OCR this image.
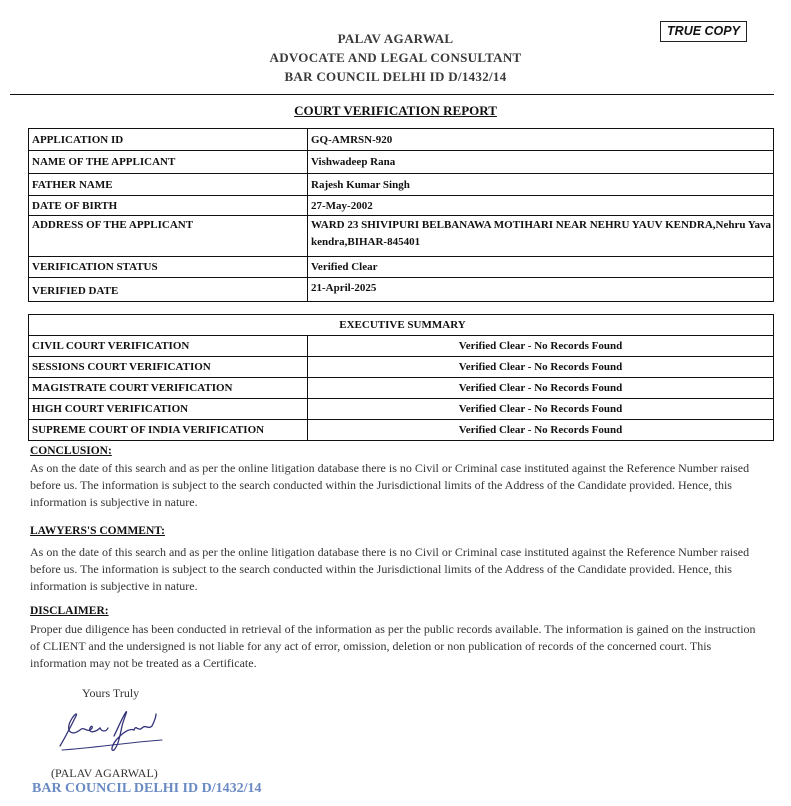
PALAV AGARWAL
ADVOCATE AND LEGAL CONSULTANT
BAR COUNCIL DELHI ID D/1432/14
TRUE COPY
COURT VERIFICATION REPORT
APPLICATION ID	GQ-AMRSN-920
NAME OF THE APPLICANT	Vishwadeep Rana
FATHER NAME	Rajesh Kumar Singh
DATE OF BIRTH	27-May-2002
ADDRESS OF THE APPLICANT	WARD 23 SHIVIPURI BELBANAWA MOTIHARI NEAR NEHRU YAUV KENDRA,Nehru Yava kendra,BIHAR-845401
VERIFICATION STATUS	Verified Clear
VERIFIED DATE	21-April-2025
EXECUTIVE SUMMARY	
CIVIL COURT VERIFICATION	Verified Clear - No Records Found
SESSIONS COURT VERIFICATION	Verified Clear - No Records Found
MAGISTRATE COURT VERIFICATION	Verified Clear - No Records Found
HIGH COURT VERIFICATION	Verified Clear - No Records Found
SUPREME COURT OF INDIA VERIFICATION	Verified Clear - No Records Found
CONCLUSION:
As on the date of this search and as per the online litigation database there is no Civil or Criminal case instituted against the Reference Number raised before us. The information is subject to the search conducted within the Jurisdictional limits of the Address of the Candidate provided. Hence, this information is subjective in nature.
LAWYERS'S COMMENT:
As on the date of this search and as per the online litigation database there is no Civil or Criminal case instituted against the Reference Number raised before us. The information is subject to the search conducted within the Jurisdictional limits of the Address of the Candidate provided. Hence, this information is subjective in nature.
DISCLAIMER:
Proper due diligence has been conducted in retrieval of the information as per the public records available. The information is gained on the instruction of CLIENT and the undersigned is not liable for any act of error, omission, deletion or non publication of records of the concerned court. This information may not be treated as a Certificate.
Yours Truly
(PALAV AGARWAL)
BAR COUNCIL DELHI ID D/1432/14
